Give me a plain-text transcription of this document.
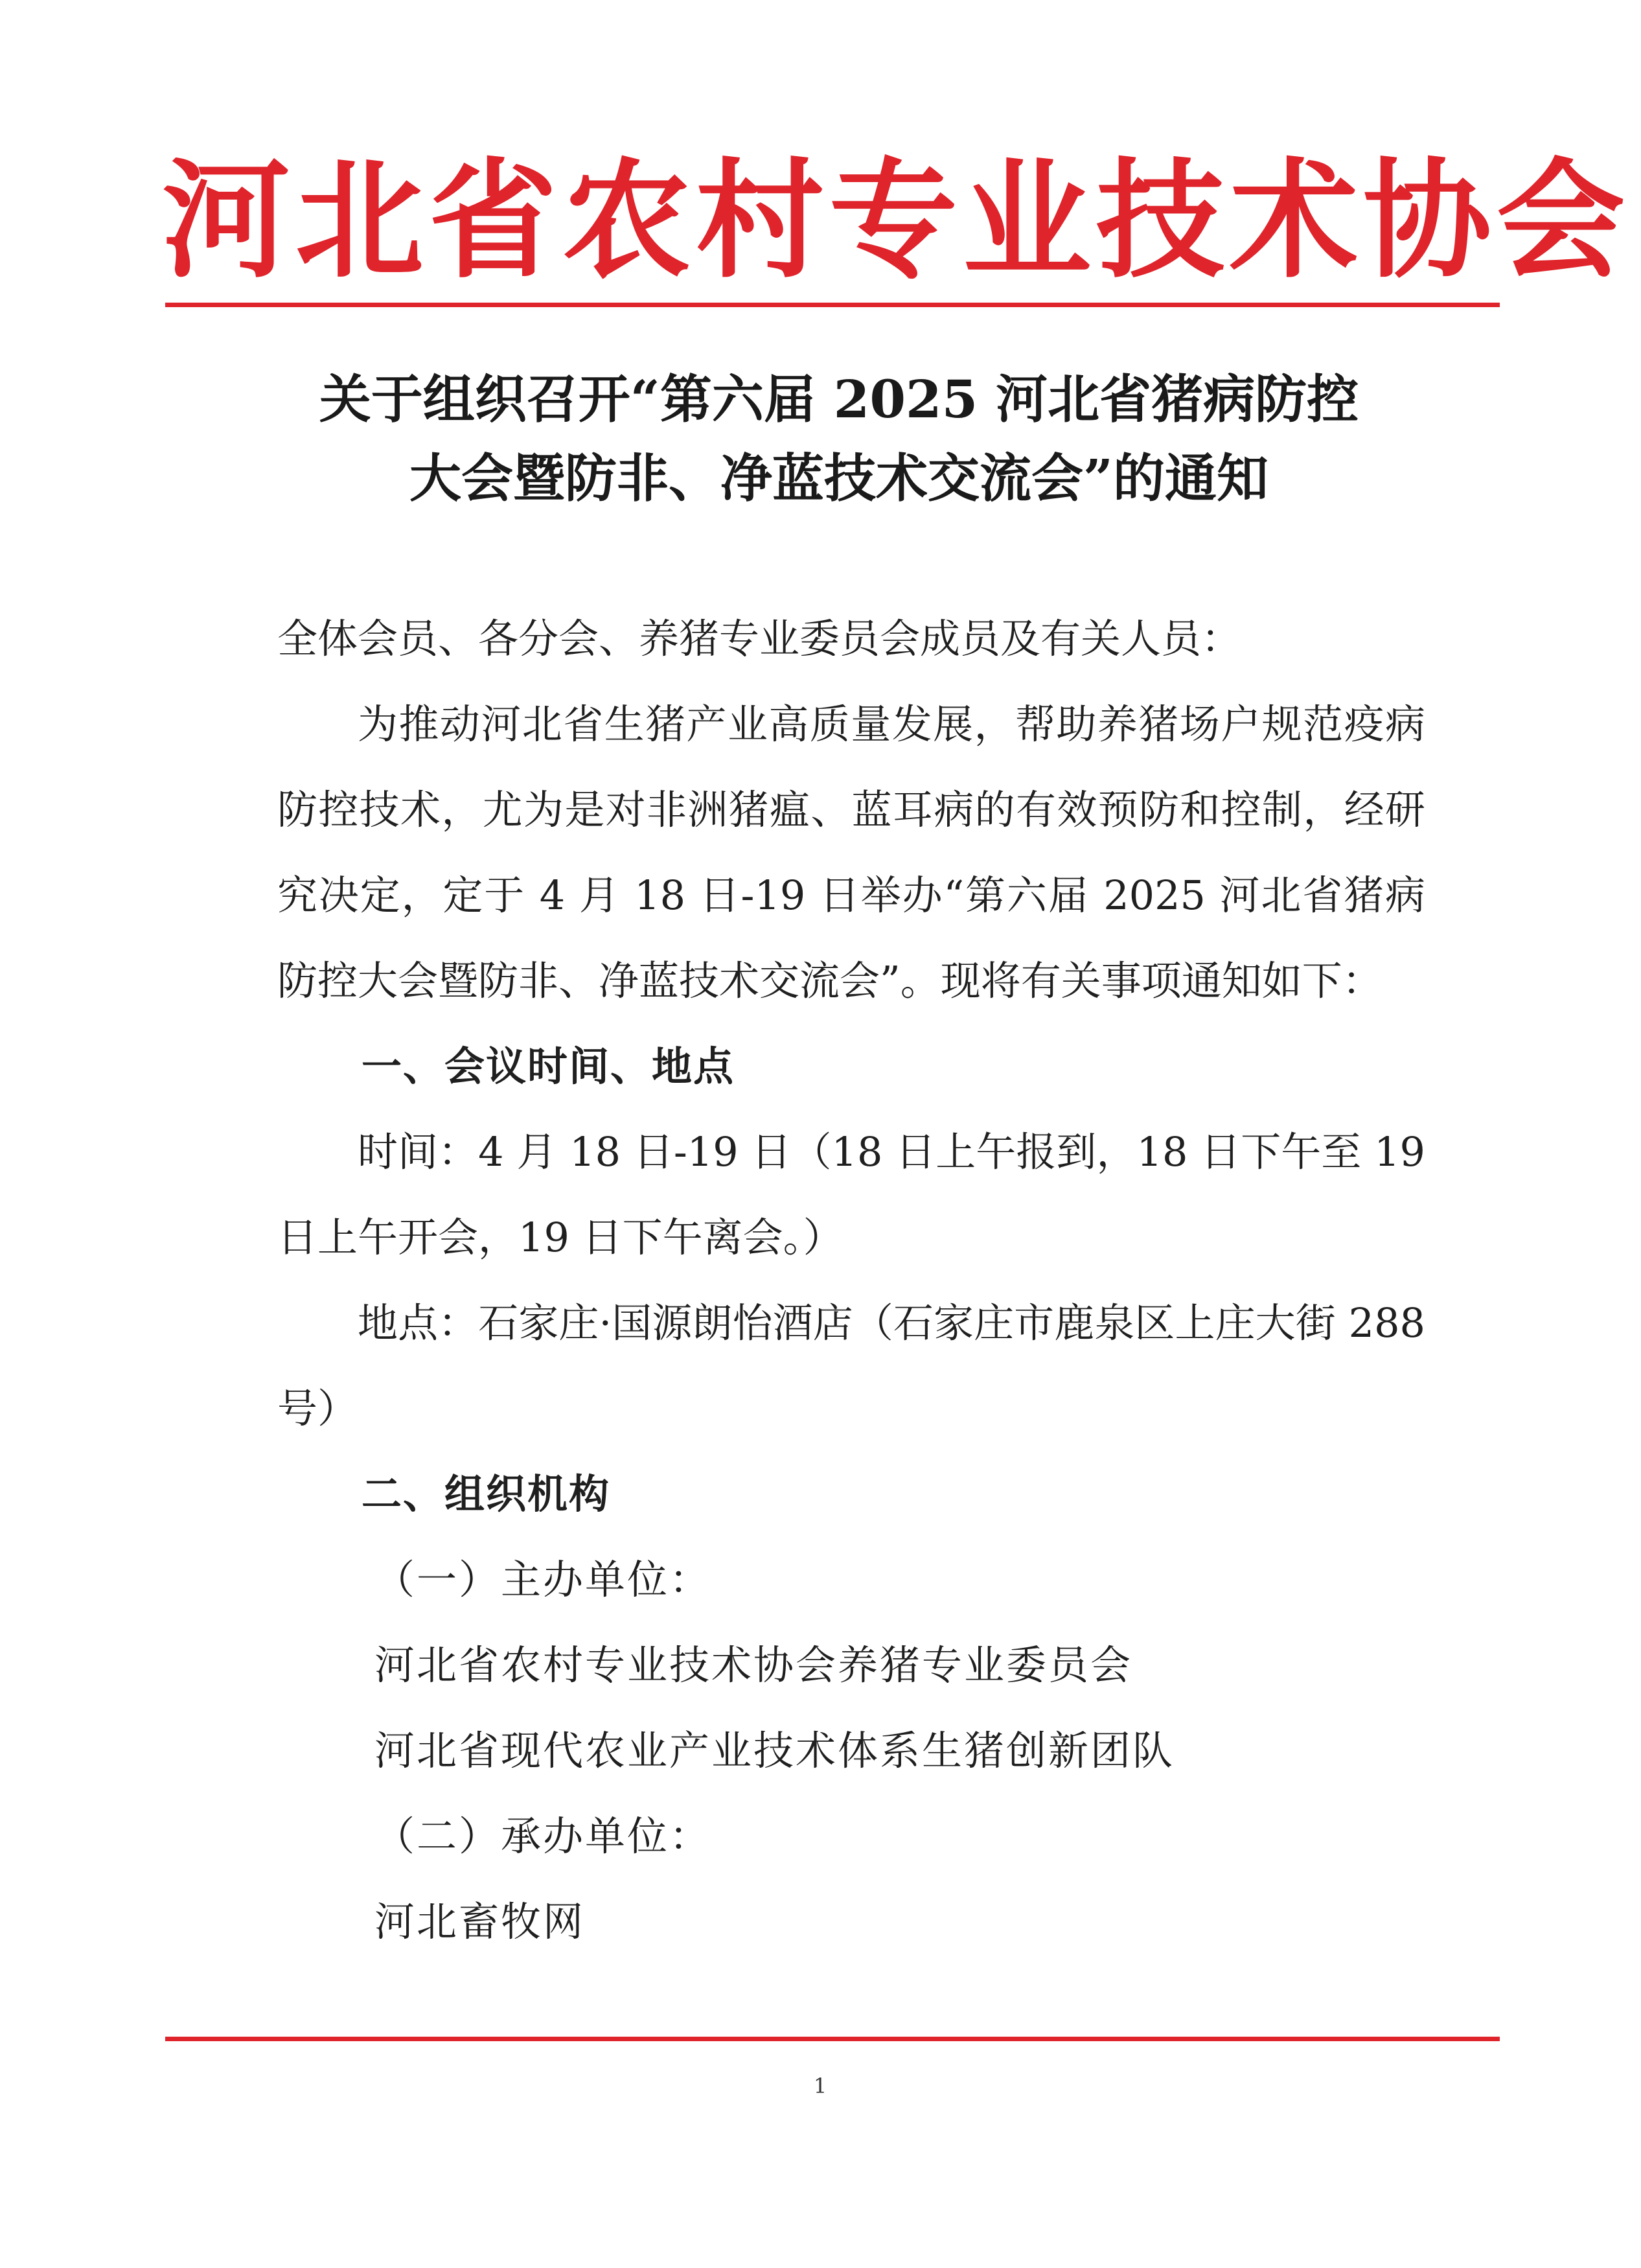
河北省农村专业技术协会
关于组织召开“第六届 2025 河北省猪病防控
大会暨防非、净蓝技术交流会”的通知

全体会员、各分会、养猪专业委员会成员及有关人员：

为推动河北省生猪产业高质量发展，帮助养猪场户规范疫病防控技术，尤为是对非洲猪瘟、蓝耳病的有效预防和控制，经研究决定，定于 4 月 18 日-19 日举办“第六届 2025 河北省猪病防控大会暨防非、净蓝技术交流会”。现将有关事项通知如下：

一、会议时间、地点

时间：4 月 18 日-19 日（18 日上午报到，18 日下午至 19 日上午开会，19 日下午离会。）

地点：石家庄·国源朗怡酒店（石家庄市鹿泉区上庄大街 288 号）

二、组织机构

（一）主办单位：

河北省农村专业技术协会养猪专业委员会

河北省现代农业产业技术体系生猪创新团队

（二）承办单位：

河北畜牧网

1
